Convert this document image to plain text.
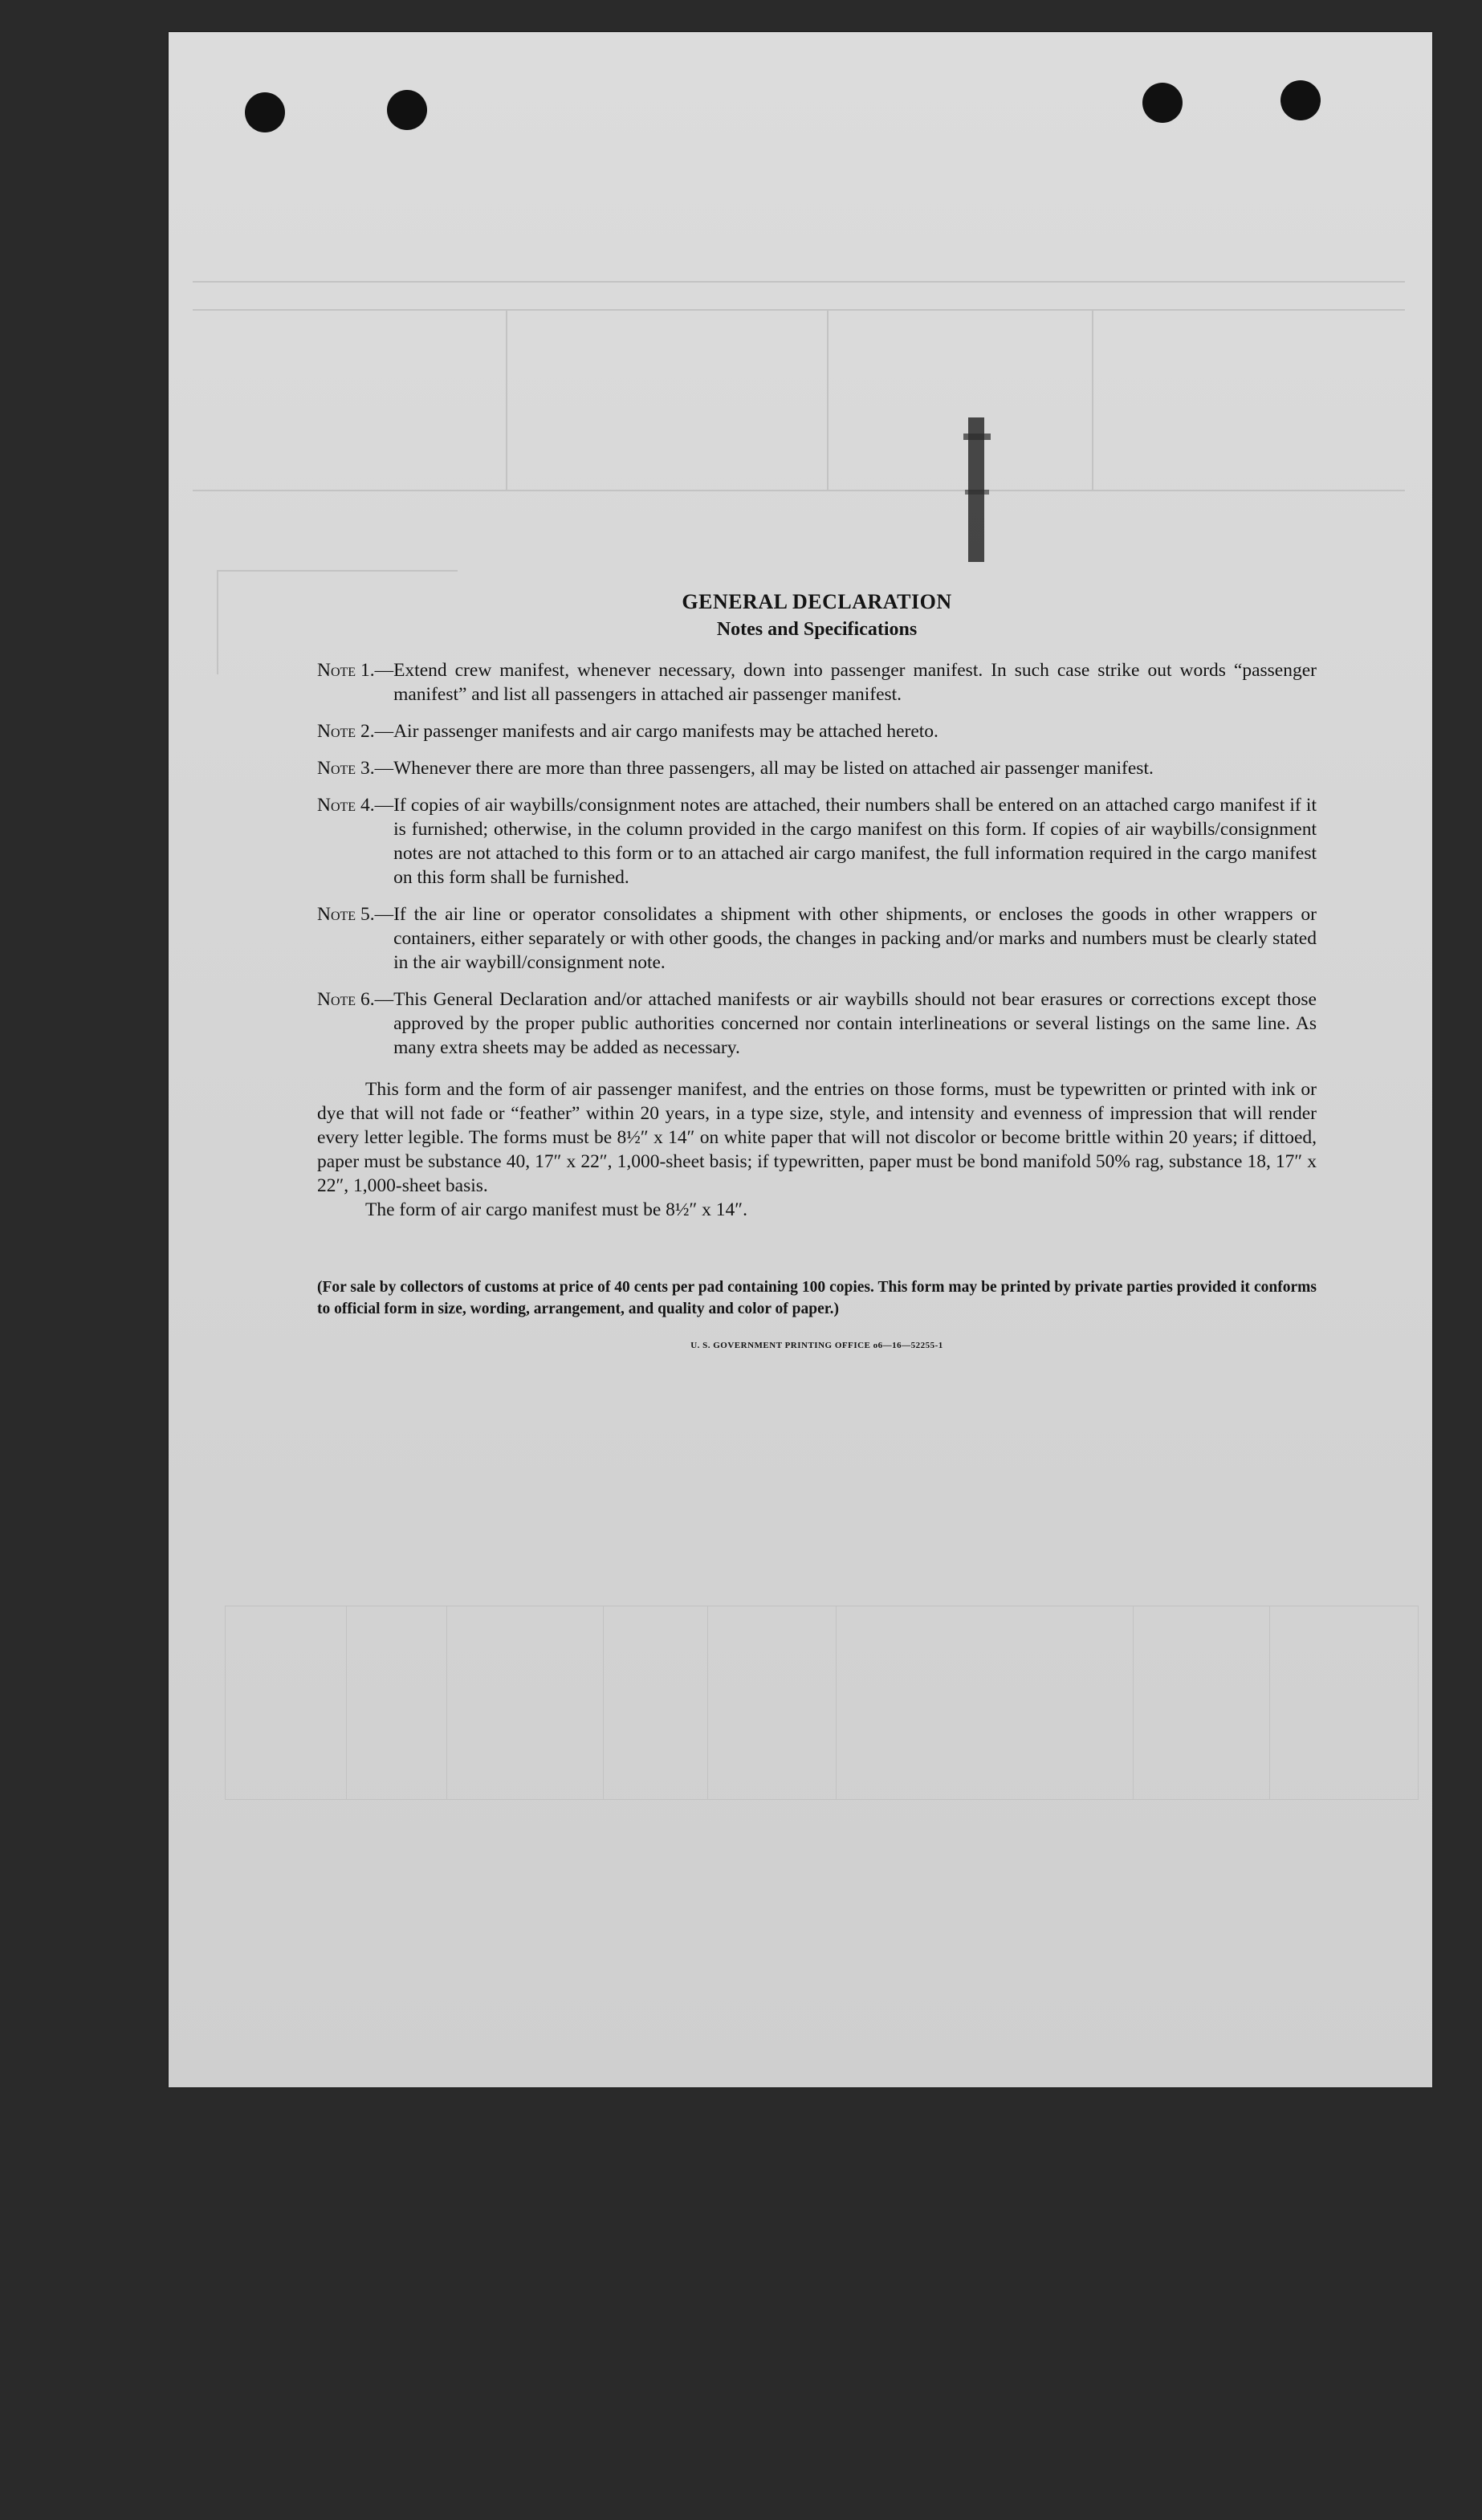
GENERAL DECLARATION
Notes and Specifications
Note 1. — Extend crew manifest, whenever necessary, down into passenger manifest. In such case strike out words “passenger manifest” and list all passengers in attached air passenger manifest.
Note 2. — Air passenger manifests and air cargo manifests may be attached hereto.
Note 3. — Whenever there are more than three passengers, all may be listed on attached air passenger manifest.
Note 4. — If copies of air waybills/consignment notes are attached, their numbers shall be entered on an attached cargo manifest if it is furnished; otherwise, in the column provided in the cargo manifest on this form. If copies of air waybills/consignment notes are not attached to this form or to an attached air cargo manifest, the full information required in the cargo manifest on this form shall be furnished.
Note 5. — If the air line or operator consolidates a shipment with other shipments, or encloses the goods in other wrappers or containers, either separately or with other goods, the changes in packing and/or marks and numbers must be clearly stated in the air waybill/consignment note.
Note 6. — This General Declaration and/or attached manifests or air waybills should not bear erasures or corrections except those approved by the proper public authorities concerned nor contain interlineations or several listings on the same line. As many extra sheets may be added as necessary.
This form and the form of air passenger manifest, and the entries on those forms, must be typewritten or printed with ink or dye that will not fade or “feather” within 20 years, in a type size, style, and intensity and evenness of impression that will render every letter legible. The forms must be 8½″ x 14″ on white paper that will not discolor or become brittle within 20 years; if dittoed, paper must be substance 40, 17″ x 22″, 1,000-sheet basis; if typewritten, paper must be bond manifold 50% rag, substance 18, 17″ x 22″, 1,000-sheet basis.
The form of air cargo manifest must be 8½″ x 14″.
(For sale by collectors of customs at price of 40 cents per pad containing 100 copies. This form may be printed by private parties provided it conforms to official form in size, wording, arrangement, and quality and color of paper.)
U. S. GOVERNMENT PRINTING OFFICE o6—16—52255-1
